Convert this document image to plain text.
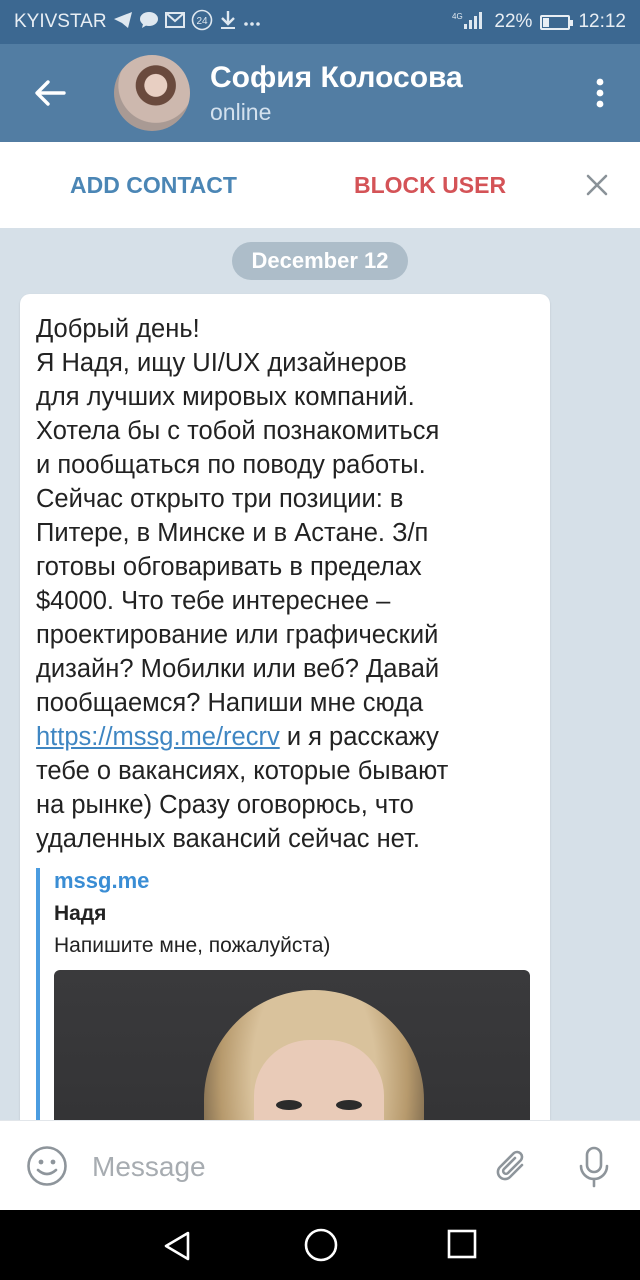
KYIVSTAR	24	4G 22% 12:12
София Колосова
online
ADD CONTACT	BLOCK USER
December 12
Добрый день!
Я Надя, ищу UI/UX дизайнеров
для лучших мировых компаний.
Хотела бы с тобой познакомиться
и пообщаться по поводу работы.
Сейчас открыто три позиции: в
Питере, в Минске и в Астане. З/п
готовы обговаривать в пределах
$4000. Что тебе интереснее –
проектирование или графический
дизайн? Мобилки или веб? Давай
пообщаемся? Напиши мне сюда
https://mssg.me/recrv и я расскажу
тебе о вакансиях, которые бывают
на рынке) Сразу оговорюсь, что
удаленных вакансий сейчас нет.
mssg.me
Надя
Напишите мне, пожалуйста)
Message
